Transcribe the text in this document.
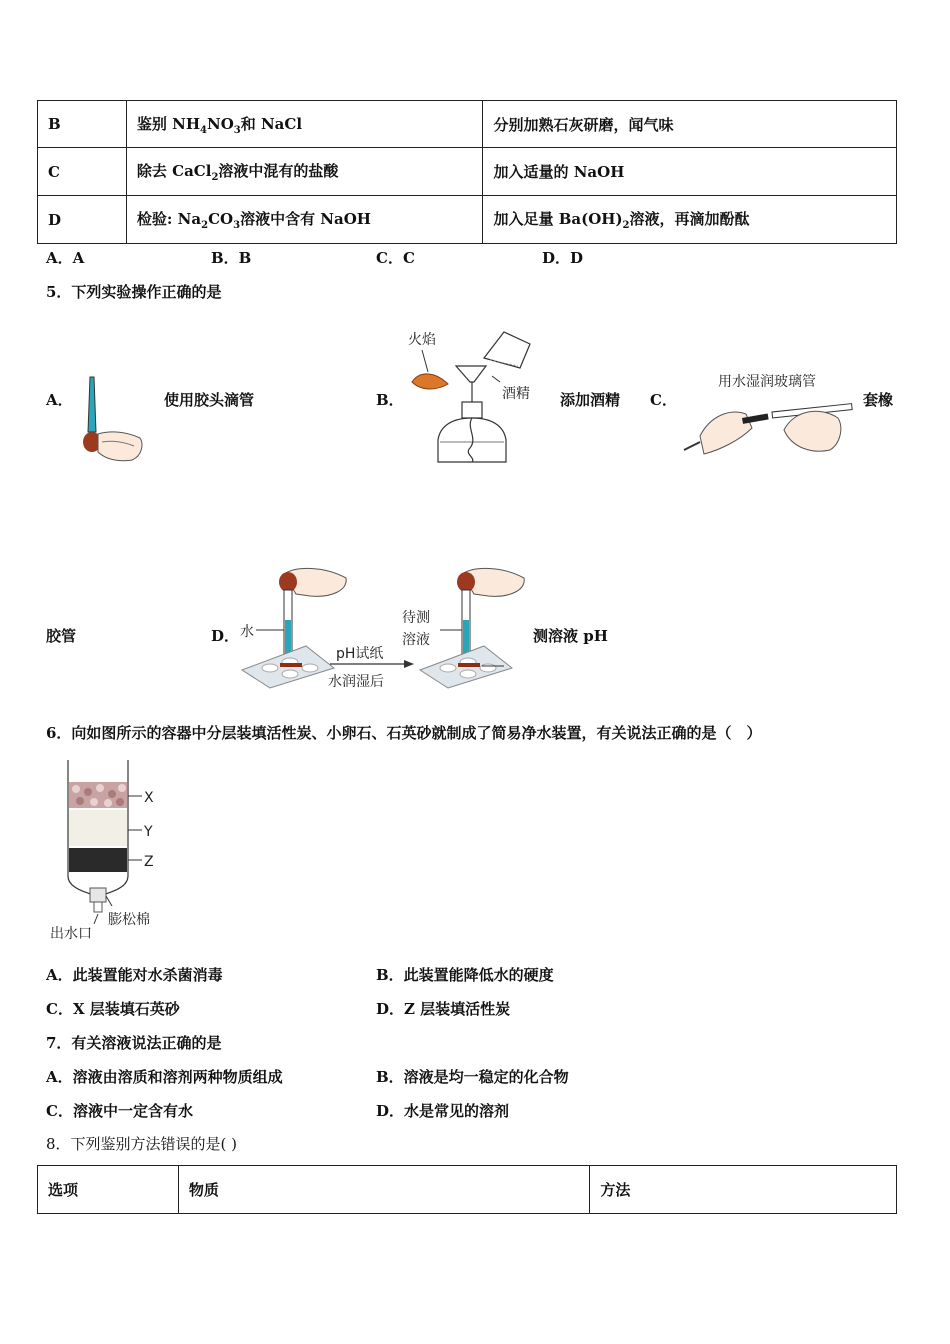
B	鉴别 $NH_4NO_3$和 NaCl	分别加熟石灰研磨，闻气味
C	除去 CaCl$_2$溶液中混有的盐酸	加入适量的 NaOH
D	检验: $Na_2CO_3$溶液中含有 NaOH	加入足量 $Ba(OH)_2$溶液，再滴加酚酞
A．A	B．B	C．C	D．D
5．下列实验操作正确的是
A．	使用胶头滴管	B．
火焰
酒精 添加酒精 C．
用水湿润玻璃管
套橡
胶管	D． 水
pH试纸
水润湿后
待测
溶液	测溶液 pH
6．向如图所示的容器中分层装填活性炭、小卵石、石英砂就制成了简易净水装置，有关说法正确的是（　）
X
Y
Z
膨松棉
出水口
A．此装置能对水杀菌消毒	B．此装置能降低水的硬度
C．X 层装填石英砂	D．Z 层装填活性炭
7．有关溶液说法正确的是
A．溶液由溶质和溶剂两种物质组成	B．溶液是均一稳定的化合物
C．溶液中一定含有水	D．水是常见的溶剂
8．下列鉴别方法错误的是( )
选项	物质	方法
